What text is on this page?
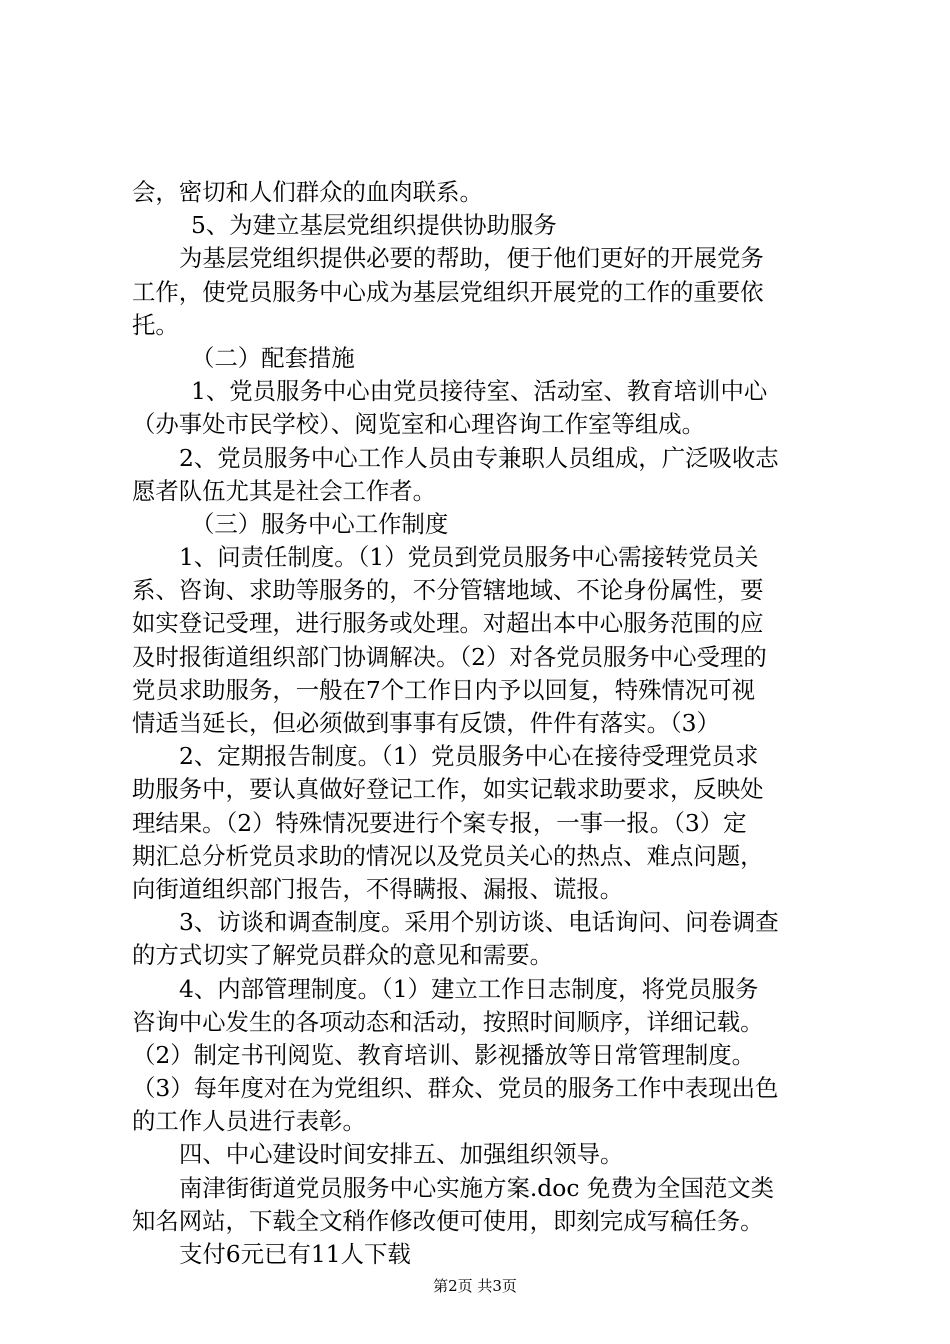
会，密切和人们群众的血肉联系。
5、为建立基层党组织提供协助服务
为基层党组织提供必要的帮助，便于他们更好的开展党务
工作，使党员服务中心成为基层党组织开展党的工作的重要依
托。
（二）配套措施
1、党员服务中心由党员接待室、活动室、教育培训中心
（办事处市民学校）、阅览室和心理咨询工作室等组成。
2、党员服务中心工作人员由专兼职人员组成，广泛吸收志
愿者队伍尤其是社会工作者。
（三）服务中心工作制度
1、问责任制度。（1）党员到党员服务中心需接转党员关
系、咨询、求助等服务的，不分管辖地域、不论身份属性，要
如实登记受理，进行服务或处理。对超出本中心服务范围的应
及时报街道组织部门协调解决。（2）对各党员服务中心受理的
党员求助服务，一般在7个工作日内予以回复，特殊情况可视
情适当延长，但必须做到事事有反馈，件件有落实。（3）
2、定期报告制度。（1）党员服务中心在接待受理党员求
助服务中，要认真做好登记工作，如实记载求助要求，反映处
理结果。（2）特殊情况要进行个案专报，一事一报。（3）定
期汇总分析党员求助的情况以及党员关心的热点、难点问题，
向街道组织部门报告，不得瞒报、漏报、谎报。
3、访谈和调查制度。采用个别访谈、电话询问、问卷调查
的方式切实了解党员群众的意见和需要。
4、内部管理制度。（1）建立工作日志制度，将党员服务
咨询中心发生的各项动态和活动，按照时间顺序，详细记载。
（2）制定书刊阅览、教育培训、影视播放等日常管理制度。
（3）每年度对在为党组织、群众、党员的服务工作中表现出色
的工作人员进行表彰。
四、中心建设时间安排五、加强组织领导。
南津街街道党员服务中心实施方案.doc 免费为全国范文类
知名网站，下载全文稍作修改便可使用，即刻完成写稿任务。
支付6元已有11人下载
第2页 共3页
